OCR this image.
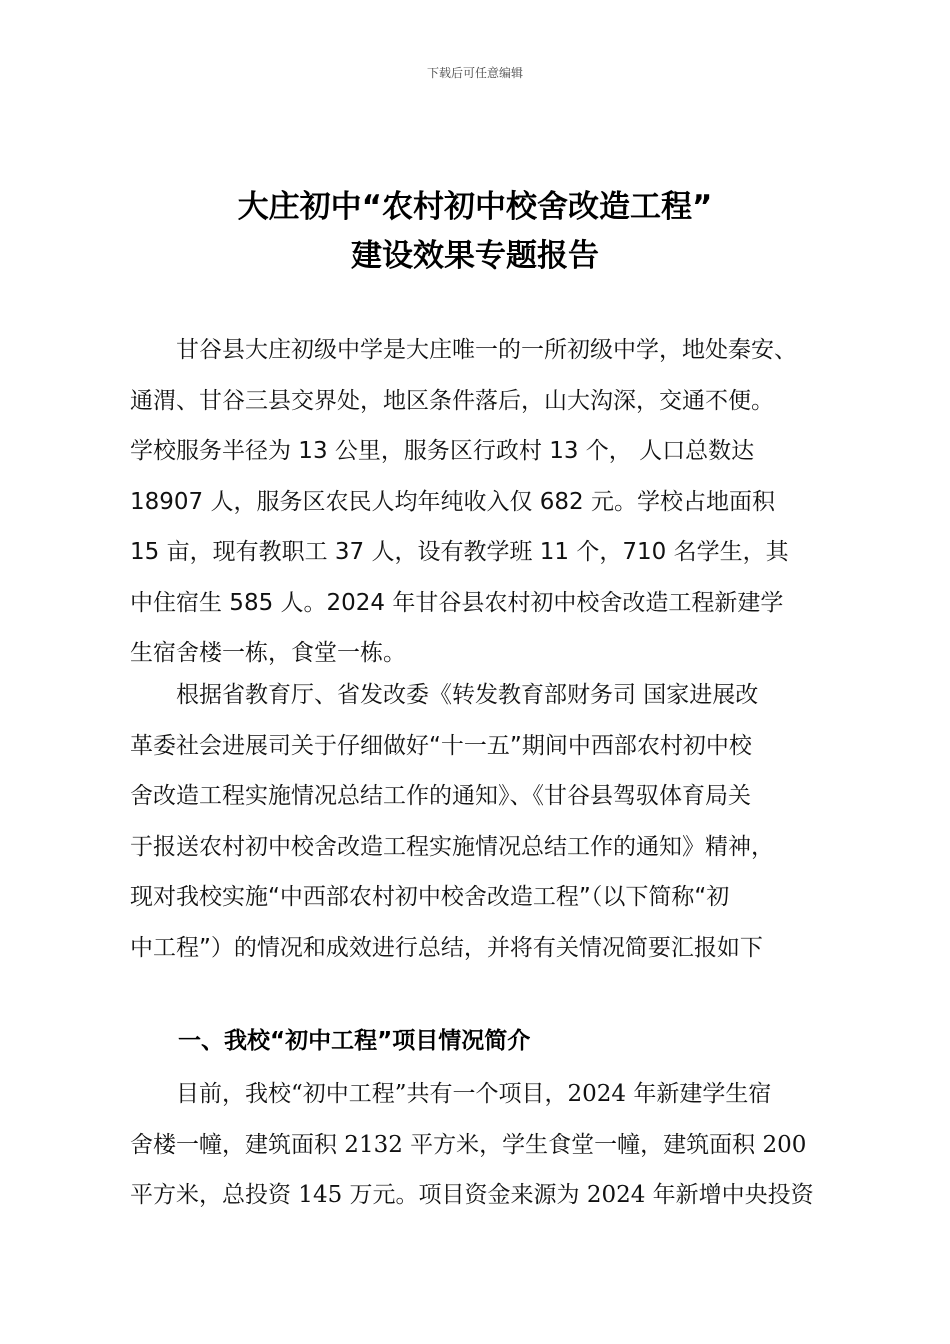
下载后可任意编辑
大庄初中“农村初中校舍改造工程”
建设效果专题报告
　　甘谷县大庄初级中学是大庄唯一的一所初级中学，地处秦安、
通渭、甘谷三县交界处，地区条件落后，山大沟深，交通不便。
学校服务半径为 13 公里，服务区行政村 13 个， 人口总数达
18907 人，服务区农民人均年纯收入仅 682 元。学校占地面积
15 亩，现有教职工 37 人，设有教学班 11 个，710 名学生，其
中住宿生 585 人。2024 年甘谷县农村初中校舍改造工程新建学
生宿舍楼一栋，食堂一栋。
　　根据省教育厅、省发改委《转发教育部财务司 国家进展改
革委社会进展司关于仔细做好“十一五”期间中西部农村初中校
舍改造工程实施情况总结工作的通知》、《甘谷县驾驭体育局关
于报送农村初中校舍改造工程实施情况总结工作的通知》精神，
现对我校实施“中西部农村初中校舍改造工程”（以下简称“初
中工程”）的情况和成效进行总结，并将有关情况简要汇报如下
一、我校“初中工程”项目情况简介
　　目前，我校“初中工程”共有一个项目，2024 年新建学生宿
舍楼一幢，建筑面积 2132 平方米，学生食堂一幢，建筑面积 200
平方米，总投资 145 万元。项目资金来源为 2024 年新增中央投资
